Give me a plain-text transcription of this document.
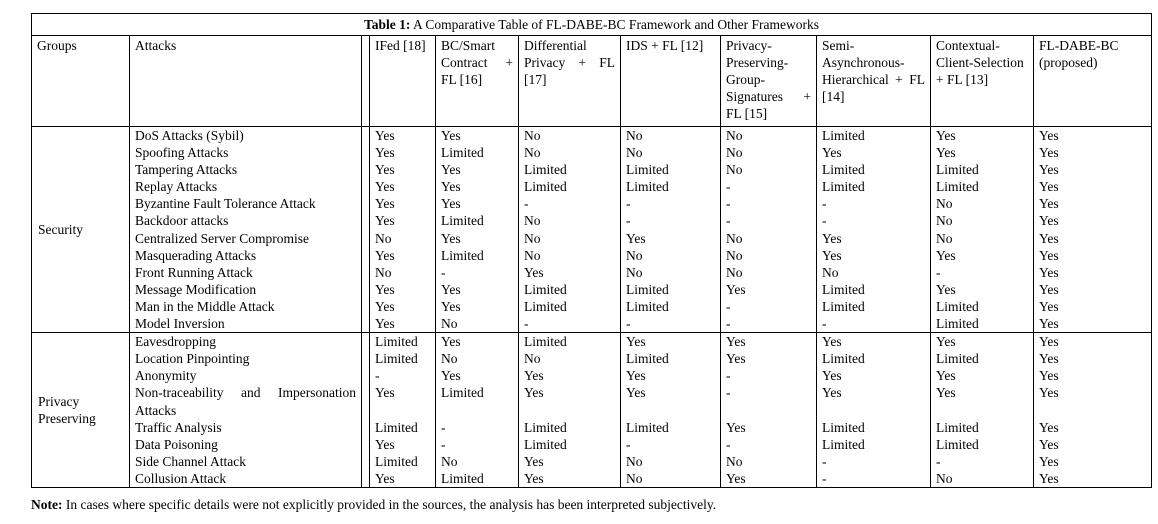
Table 1: A Comparative Table of FL-DABE-BC Framework and Other Frameworks										
Groups	Attacks		IFed [18]	BC/Smart Contract + FL [16]	Differential Privacy + FL [17]	IDS + FL [12]	Privacy-Preserving-Group-Signatures + FL [15]	Semi-Asynchronous-Hierarchical + FL [14]	Contextual-Client-Selection + FL [13]	FL-DABE-BC (proposed)
Security	DoS Attacks (Sybil)		Yes	Yes	No	No	No	Limited	Yes	Yes
	Spoofing Attacks		Yes	Limited	No	No	No	Yes	Yes	Yes
	Tampering Attacks		Yes	Yes	Limited	Limited	No	Limited	Limited	Yes
	Replay Attacks		Yes	Yes	Limited	Limited	-	Limited	Limited	Yes
	Byzantine Fault Tolerance Attack		Yes	Yes	-	-	-	-	No	Yes
	Backdoor attacks		Yes	Limited	No	-	-	-	No	Yes
	Centralized Server Compromise		No	Yes	No	Yes	No	Yes	No	Yes
	Masquerading Attacks		Yes	Limited	No	No	No	Yes	Yes	Yes
	Front Running Attack		No	-	Yes	No	No	No	-	Yes
	Message Modification		Yes	Yes	Limited	Limited	Yes	Limited	Yes	Yes
	Man in the Middle Attack		Yes	Yes	Limited	Limited	-	Limited	Limited	Yes
	Model Inversion		Yes	No	-	-	-	-	Limited	Yes
Privacy Preserving	Eavesdropping		Limited	Yes	Limited	Yes	Yes	Yes	Yes	Yes
	Location Pinpointing		Limited	No	No	Limited	Yes	Limited	Limited	Yes
	Anonymity		-	Yes	Yes	Yes	-	Yes	Yes	Yes
	Non-traceability and Impersonation Attacks		Yes	Limited	Yes	Yes	-	Yes	Yes	Yes
	Traffic Analysis		Limited	-	Limited	Limited	Yes	Limited	Limited	Yes
	Data Poisoning		Yes	-	Limited	-	-	Limited	Limited	Yes
	Side Channel Attack		Limited	No	Yes	No	No	-	-	Yes
	Collusion Attack		Yes	Limited	Yes	No	Yes	-	No	Yes
Note: In cases where specific details were not explicitly provided in the sources, the analysis has been interpreted subjectively.
